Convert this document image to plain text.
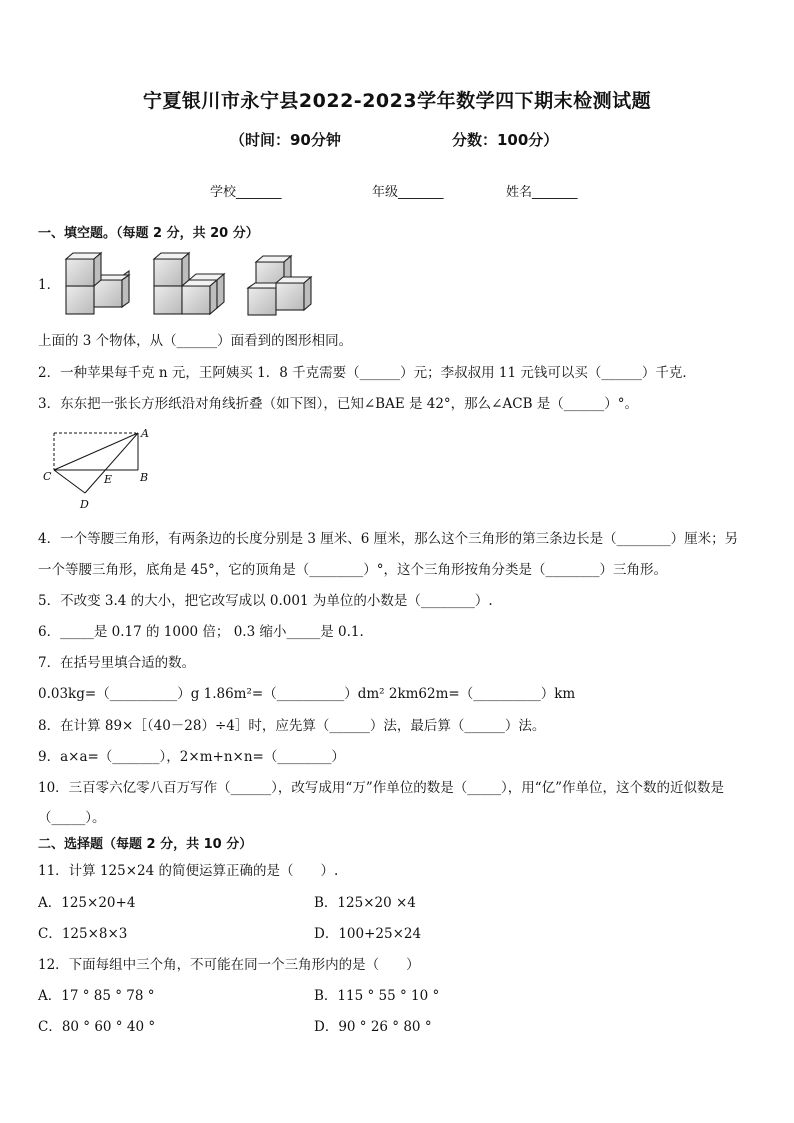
宁夏银川市永宁县2022-2023学年数学四下期末检测试题
（时间：90分钟	分数：100分）
学校_______	年级_______	姓名_______
一、填空题。（每题 2 分，共 20 分）
1．
上面的 3 个物体，从（______）面看到的图形相同。
2．一种苹果每千克 n 元，王阿姨买 1．8 千克需要（______）元；李叔叔用 11 元钱可以买（______）千克．
3．东东把一张长方形纸沿对角线折叠（如下图），已知∠BAE 是 42°，那么∠ACB 是（______）°。
A
B
C
D
E
4．一个等腰三角形，有两条边的长度分别是 3 厘米、6 厘米，那么这个三角形的第三条边长是（________）厘米；另
一个等腰三角形，底角是 45°，它的顶角是（________）°，这个三角形按角分类是（________）三角形。
5．不改变 3.4 的大小，把它改写成以 0.001 为单位的小数是（________）.
6．_____是 0.17 的 1000 倍； 0.3 缩小_____是 0.1.
7．在括号里填合适的数。
0.03kg=（__________）g 1.86m²=（__________）dm² 2km62m=（__________）km
8．在计算 89×［（40－28）÷4］时，应先算（______）法，最后算（______）法。
9．a×a=（_______），2×m+n×n=（________）
10．三百零六亿零八百万写作（______），改写成用“万”作单位的数是（_____），用“亿”作单位，这个数的近似数是
（_____）。
二、选择题（每题 2 分，共 10 分）
11．计算 125×24 的简便运算正确的是（　　）.
A．125×20+4	B．125×20 ×4
C．125×8×3	D．100+25×24
12．下面每组中三个角，不可能在同一个三角形内的是（　　）
A．17 ° 85 ° 78 °	B．115 ° 55 ° 10 °
C．80 ° 60 ° 40 °	D．90 ° 26 ° 80 °
